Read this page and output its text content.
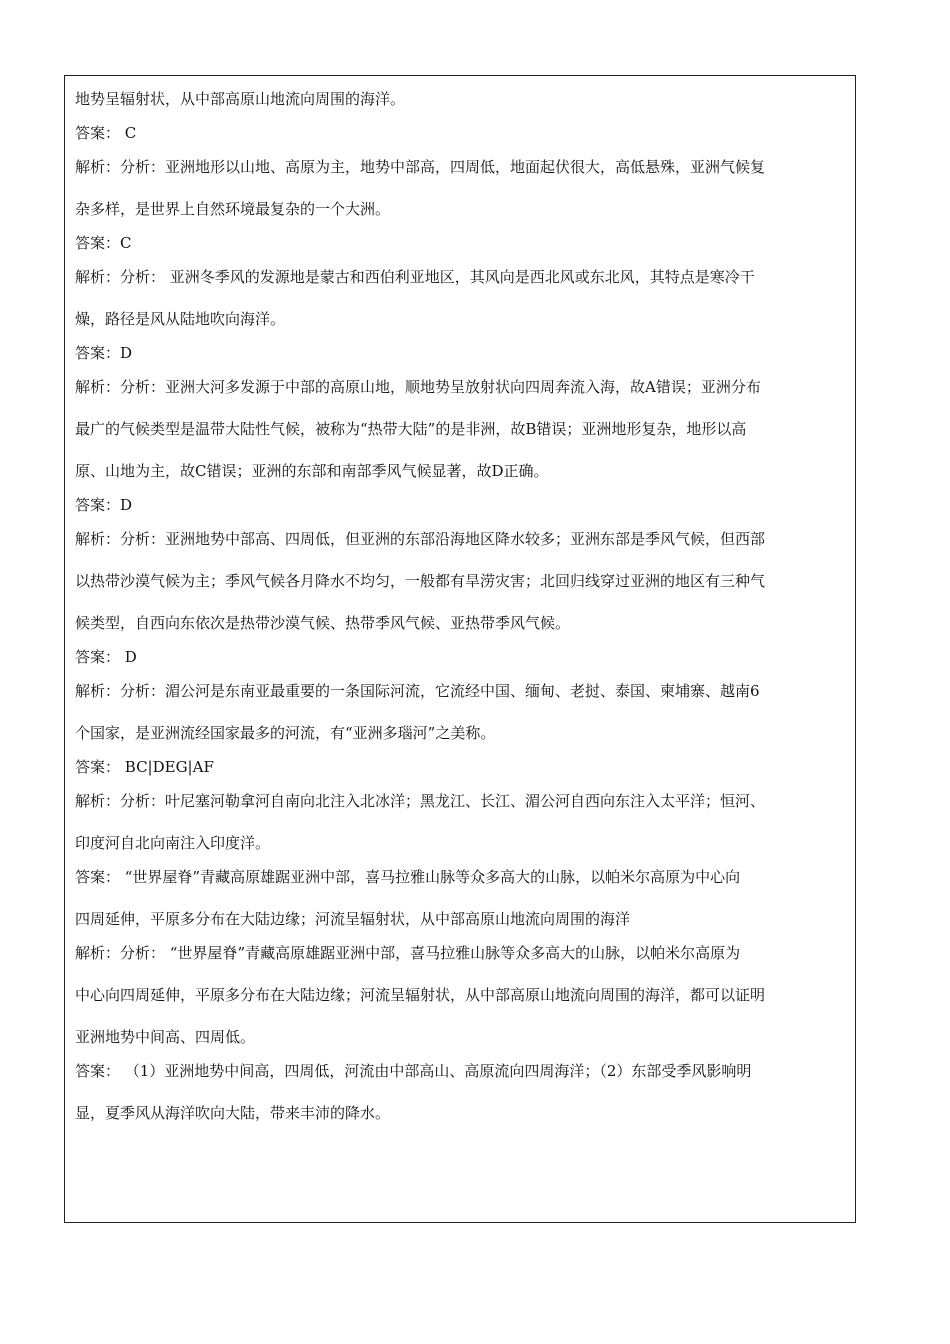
地势呈辐射状，从中部高原山地流向周围的海洋。
答案： C
解析：分析：亚洲地形以山地、高原为主，地势中部高，四周低，地面起伏很大，高低悬殊，亚洲气候复
杂多样，是世界上自然环境最复杂的一个大洲。
答案：C
解析：分析： 亚洲冬季风的发源地是蒙古和西伯利亚地区，其风向是西北风或东北风，其特点是寒冷干
燥，路径是风从陆地吹向海洋。
答案：D
解析：分析：亚洲大河多发源于中部的高原山地，顺地势呈放射状向四周奔流入海，故A错误；亚洲分布
最广的气候类型是温带大陆性气候，被称为“热带大陆”的是非洲，故B错误；亚洲地形复杂，地形以高
原、山地为主，故C错误；亚洲的东部和南部季风气候显著，故D正确。
答案：D
解析：分析：亚洲地势中部高、四周低，但亚洲的东部沿海地区降水较多；亚洲东部是季风气候，但西部
以热带沙漠气候为主；季风气候各月降水不均匀，一般都有旱涝灾害；北回归线穿过亚洲的地区有三种气
候类型，自西向东依次是热带沙漠气候、热带季风气候、亚热带季风气候。
答案： D
解析：分析：湄公河是东南亚最重要的一条国际河流，它流经中国、缅甸、老挝、泰国、柬埔寨、越南6
个国家，是亚洲流经国家最多的河流，有“亚洲多瑙河”之美称。
答案： BC|DEG|AF
解析：分析：叶尼塞河勒拿河自南向北注入北冰洋；黑龙江、长江、湄公河自西向东注入太平洋；恒河、
印度河自北向南注入印度洋。
答案： “世界屋脊”青藏高原雄踞亚洲中部，喜马拉雅山脉等众多高大的山脉，以帕米尔高原为中心向
四周延伸，平原多分布在大陆边缘；河流呈辐射状，从中部高原山地流向周围的海洋
解析：分析： “世界屋脊”青藏高原雄踞亚洲中部，喜马拉雅山脉等众多高大的山脉，以帕米尔高原为
中心向四周延伸，平原多分布在大陆边缘；河流呈辐射状，从中部高原山地流向周围的海洋，都可以证明
亚洲地势中间高、四周低。
答案： （1）亚洲地势中间高，四周低，河流由中部高山、高原流向四周海洋；（2）东部受季风影响明
显，夏季风从海洋吹向大陆，带来丰沛的降水。
